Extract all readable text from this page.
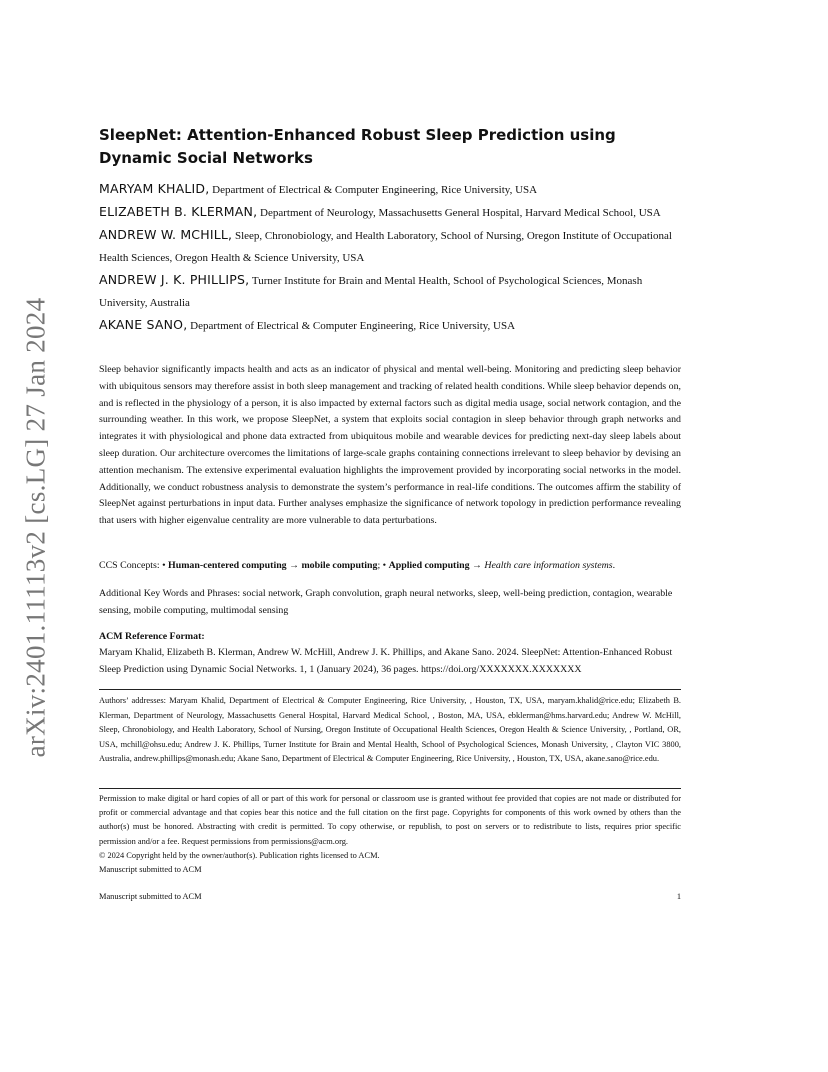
arXiv:2401.11113v2 [cs.LG] 27 Jan 2024
SleepNet: Attention-Enhanced Robust Sleep Prediction using Dynamic Social Networks

MARYAM KHALID, Department of Electrical & Computer Engineering, Rice University, USA

ELIZABETH B. KLERMAN, Department of Neurology, Massachusetts General Hospital, Harvard Medical School, USA

ANDREW W. MCHILL, Sleep, Chronobiology, and Health Laboratory, School of Nursing, Oregon Institute of Occupational Health Sciences, Oregon Health & Science University, USA

ANDREW J. K. PHILLIPS, Turner Institute for Brain and Mental Health, School of Psychological Sciences, Monash University, Australia

AKANE SANO, Department of Electrical & Computer Engineering, Rice University, USA

Sleep behavior significantly impacts health and acts as an indicator of physical and mental well-being. Monitoring and predicting sleep behavior with ubiquitous sensors may therefore assist in both sleep management and tracking of related health conditions. While sleep behavior depends on, and is reflected in the physiology of a person, it is also impacted by external factors such as digital media usage, social network contagion, and the surrounding weather. In this work, we propose SleepNet, a system that exploits social contagion in sleep behavior through graph networks and integrates it with physiological and phone data extracted from ubiquitous mobile and wearable devices for predicting next-day sleep labels about sleep duration. Our architecture overcomes the limitations of large-scale graphs containing connections irrelevant to sleep behavior by devising an attention mechanism. The extensive experimental evaluation highlights the improvement provided by incorporating social networks in the model. Additionally, we conduct robustness analysis to demonstrate the system’s performance in real-life conditions. The outcomes affirm the stability of SleepNet against perturbations in input data. Further analyses emphasize the significance of network topology in prediction performance revealing that users with higher eigenvalue centrality are more vulnerable to data perturbations.

CCS Concepts: • Human-centered computing → mobile computing; • Applied computing → Health care information systems.

Additional Key Words and Phrases: social network, Graph convolution, graph neural networks, sleep, well-being prediction, contagion, wearable sensing, mobile computing, multimodal sensing

ACM Reference Format:

Maryam Khalid, Elizabeth B. Klerman, Andrew W. McHill, Andrew J. K. Phillips, and Akane Sano. 2024. SleepNet: Attention-Enhanced Robust Sleep Prediction using Dynamic Social Networks. 1, 1 (January 2024), 36 pages. https://doi.org/XXXXXXX.XXXXXXX

Authors’ addresses: Maryam Khalid, Department of Electrical & Computer Engineering, Rice University, , Houston, TX, USA, maryam.khalid@rice.edu; Elizabeth B. Klerman, Department of Neurology, Massachusetts General Hospital, Harvard Medical School, , Boston, MA, USA, ebklerman@hms.harvard.edu; Andrew W. McHill, Sleep, Chronobiology, and Health Laboratory, School of Nursing, Oregon Institute of Occupational Health Sciences, Oregon Health & Science University, , Portland, OR, USA, mchill@ohsu.edu; Andrew J. K. Phillips, Turner Institute for Brain and Mental Health, School of Psychological Sciences, Monash University, , Clayton VIC 3800, Australia, andrew.phillips@monash.edu; Akane Sano, Department of Electrical & Computer Engineering, Rice University, , Houston, TX, USA, akane.sano@rice.edu.

Permission to make digital or hard copies of all or part of this work for personal or classroom use is granted without fee provided that copies are not made or distributed for profit or commercial advantage and that copies bear this notice and the full citation on the first page. Copyrights for components of this work owned by others than the author(s) must be honored. Abstracting with credit is permitted. To copy otherwise, or republish, to post on servers or to redistribute to lists, requires prior specific permission and/or a fee. Request permissions from permissions@acm.org.

© 2024 Copyright held by the owner/author(s). Publication rights licensed to ACM.

Manuscript submitted to ACM

Manuscript submitted to ACM	1
